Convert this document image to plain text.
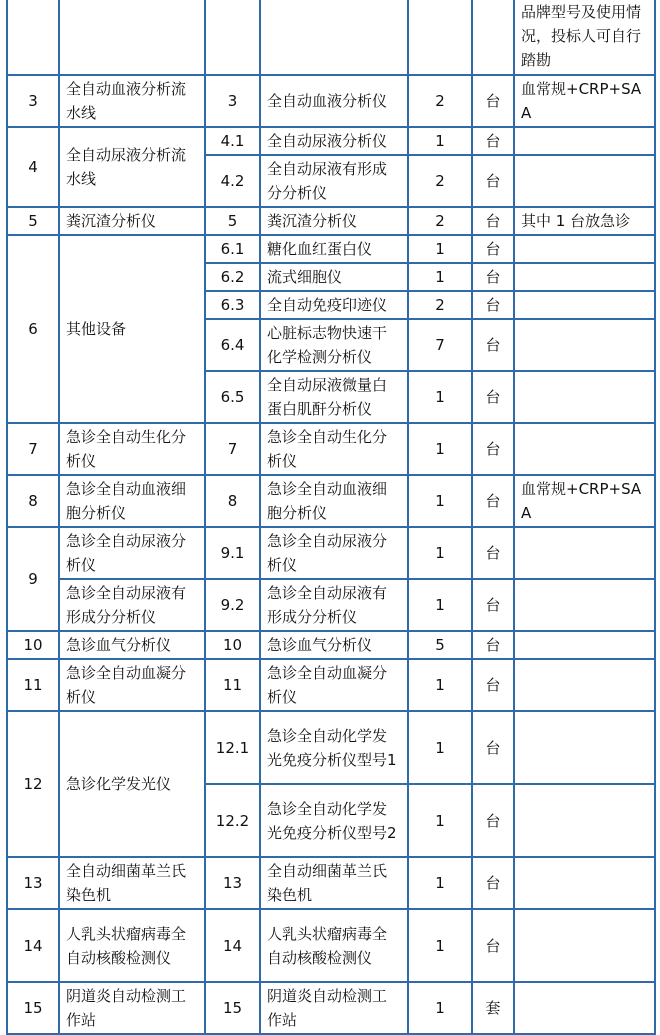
						品牌型号及使用情况，投标人可自行踏勘
3	全自动血液分析流水线	3	全自动血液分析仪	2	台	血常规+CRP+SAA
4	全自动尿液分析流水线	4.1	全自动尿液分析仪	1	台	
		4.2	全自动尿液有形成分分析仪	2	台	
5	粪沉渣分析仪	5	粪沉渣分析仪	2	台	其中 1 台放急诊
6	其他设备	6.1	糖化血红蛋白仪	1	台	
		6.2	流式细胞仪	1	台	
		6.3	全自动免疫印迹仪	2	台	
		6.4	心脏标志物快速干化学检测分析仪	7	台	
		6.5	全自动尿液微量白蛋白肌酐分析仪	1	台	
7	急诊全自动生化分析仪	7	急诊全自动生化分析仪	1	台	
8	急诊全自动血液细胞分析仪	8	急诊全自动血液细胞分析仪	1	台	血常规+CRP+SAA
9	急诊全自动尿液分析仪	9.1	急诊全自动尿液分析仪	1	台	
	急诊全自动尿液有形成分分析仪	9.2	急诊全自动尿液有形成分分析仪	1	台	
10	急诊血气分析仪	10	急诊血气分析仪	5	台	
11	急诊全自动血凝分析仪	11	急诊全自动血凝分析仪	1	台	
12	急诊化学发光仪	12.1	急诊全自动化学发光免疫分析仪型号1	1	台	
		12.2	急诊全自动化学发光免疫分析仪型号2	1	台	
13	全自动细菌革兰氏染色机	13	全自动细菌革兰氏染色机	1	台	
14	人乳头状瘤病毒全自动核酸检测仪	14	人乳头状瘤病毒全自动核酸检测仪	1	台	
15	阴道炎自动检测工作站	15	阴道炎自动检测工作站	1	套	
